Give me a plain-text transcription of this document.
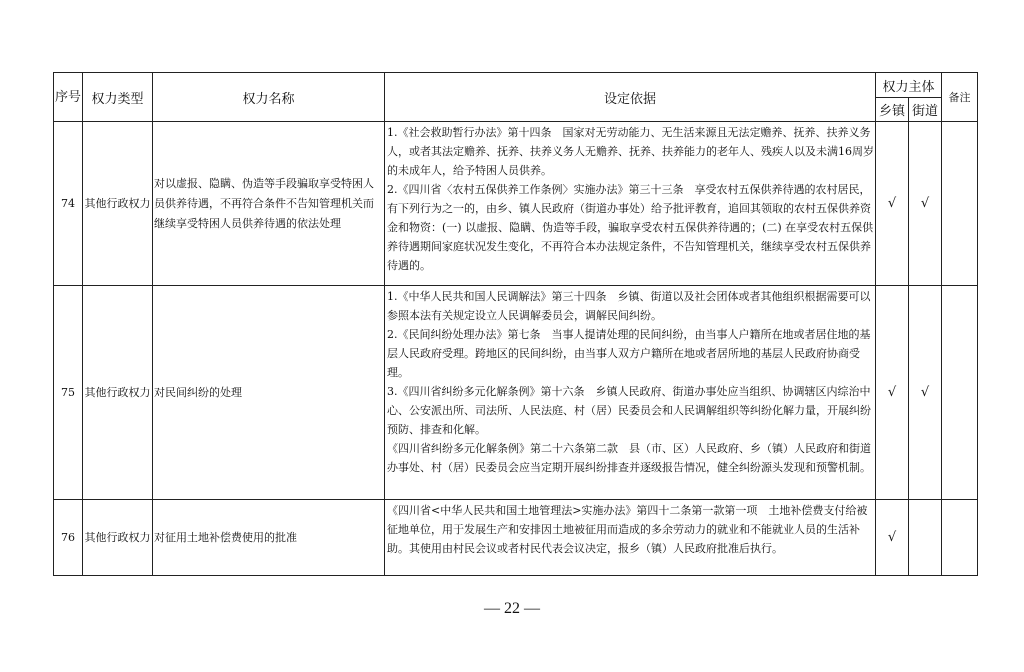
序号	权力类型	权力名称	设定依据	权力主体		备注
				乡镇	街道	
74	其他行政权力	对以虚报、隐瞒、伪造等手段骗取享受特困人员供养待遇，不再符合条件不告知管理机关而继续享受特困人员供养待遇的依法处理	1.《社会救助暂行办法》第十四条　国家对无劳动能力、无生活来源且无法定赡养、抚养、扶养义务人，或者其法定赡养、抚养、扶养义务人无赡养、抚养、扶养能力的老年人、残疾人以及未满16周岁的未成年人，给予特困人员供养。

2.《四川省〈农村五保供养工作条例〉实施办法》第三十三条　享受农村五保供养待遇的农村居民，有下列行为之一的，由乡、镇人民政府（街道办事处）给予批评教育，追回其领取的农村五保供养资金和物资：(一) 以虚报、隐瞒、伪造等手段，骗取享受农村五保供养待遇的；(二) 在享受农村五保供养待遇期间家庭状况发生变化，不再符合本办法规定条件，不告知管理机关，继续享受农村五保供养待遇的。	√	√	
75	其他行政权力	对民间纠纷的处理	1.《中华人民共和国人民调解法》第三十四条　乡镇、街道以及社会团体或者其他组织根据需要可以参照本法有关规定设立人民调解委员会，调解民间纠纷。

2.《民间纠纷处理办法》第七条　当事人提请处理的民间纠纷，由当事人户籍所在地或者居住地的基层人民政府受理。跨地区的民间纠纷，由当事人双方户籍所在地或者居所地的基层人民政府协商受理。

3.《四川省纠纷多元化解条例》第十六条　乡镇人民政府、街道办事处应当组织、协调辖区内综治中心、公安派出所、司法所、人民法庭、村（居）民委员会和人民调解组织等纠纷化解力量，开展纠纷预防、排查和化解。

《四川省纠纷多元化解条例》第二十六条第二款　县（市、区）人民政府、乡（镇）人民政府和街道办事处、村（居）民委员会应当定期开展纠纷排查并逐级报告情况，健全纠纷源头发现和预警机制。	√	√	
76	其他行政权力	对征用土地补偿费使用的批准	《四川省<中华人民共和国土地管理法>实施办法》第四十二条第一款第一项　土地补偿费支付给被征地单位，用于发展生产和安排因土地被征用而造成的多余劳动力的就业和不能就业人员的生活补助。其使用由村民会议或者村民代表会议决定，报乡（镇）人民政府批准后执行。	√		
— 22 —
